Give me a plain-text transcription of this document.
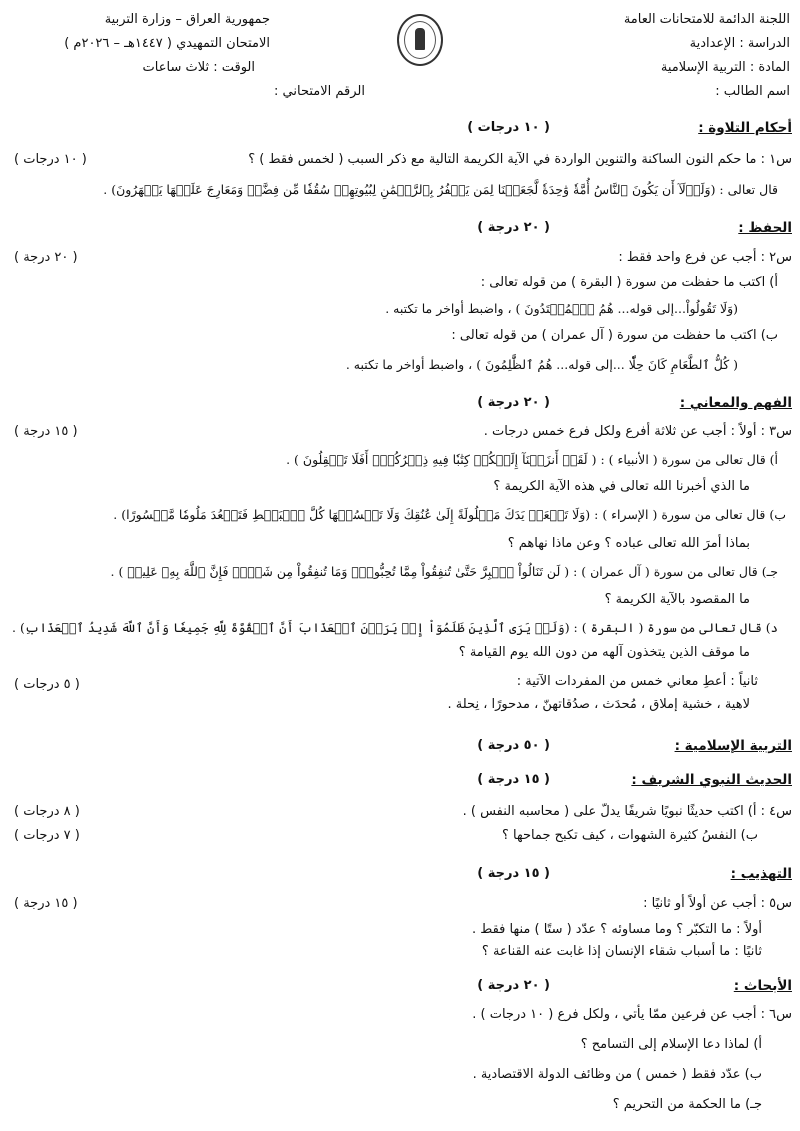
اللجنة الدائمة للامتحانات العامة
الدراسة : الإعدادية
المادة : التربية الإسلامية
اسم الطالب :
جمهورية العراق – وزارة التربية
الامتحان التمهيدي ( ١٤٤٧هـ – ٢٠٢٦م )
الوقت : ثلاث ساعات
الرقم الامتحاني :
أحكام التلاوة :
( ١٠ درجات )
س١ : ما حكم النون الساكنة والتنوين الواردة في الآية الكريمة التالية مع ذكر السبب ( لخمس فقط ) ؟
( ١٠ درجات )
قال تعالى : (وَلَوۡلَآ أَن يَكُونَ ٱلنَّاسُ أُمَّةٗ وَٰحِدَةٗ لَّجَعَلۡنَا لِمَن يَكۡفُرُ بِٱلرَّحۡمَٰنِ لِبُيُوتِهِمۡ سُقُفٗا مِّن فِضَّةٖ وَمَعَارِجَ عَلَيۡهَا يَظۡهَرُونَ) .
الحفظ :
( ٢٠ درجة )
س٢ : أجب عن فرع واحد فقط :
( ٢٠ درجة )
أ) اكتب ما حفظت من سورة ( البقرة ) من قوله تعالى :
(وَلَا تَقُولُواْ...إلى قوله... هُمُ ٱلۡمُهۡتَدُونَ ) ، واضبط أواخر ما تكتبه .
ب) اكتب ما حفظت من سورة ( آل عمران ) من قوله تعالى :
( كُلُّ ٱلطَّعَامِ كَانَ حِلّٗا ...إلى قوله... هُمُ ٱلظَّٰلِمُونَ ) ، واضبط أواخر ما تكتبه .
الفهم والمعاني :
( ٢٠ درجة )
س٣ : أولاً : أجب عن ثلاثة أفرع ولكل فرع خمس درجات .
( ١٥ درجة )
أ) قال تعالى من سورة ( الأنبياء ) : ( لَقَدۡ أَنزَلۡنَآ إِلَيۡكُمۡ كِتَٰبٗا فِيهِ ذِكۡرُكُمۡۚ أَفَلَا تَعۡقِلُونَ ) .
ما الذي أخبرنا الله تعالى في هذه الآية الكريمة ؟
ب) قال تعالى من سورة ( الإسراء ) : (وَلَا تَجۡعَلۡ يَدَكَ مَغۡلُولَةً إِلَىٰ عُنُقِكَ وَلَا تَبۡسُطۡهَا كُلَّ ٱلۡبَسۡطِ فَتَقۡعُدَ مَلُومٗا مَّحۡسُورًا) .
بماذا أمرَ الله تعالى عباده ؟ وعن ماذا نهاهم ؟
جـ) قال تعالى من سورة ( آل عمران ) : ( لَن تَنَالُواْ ٱلۡبِرَّ حَتَّىٰ تُنفِقُواْ مِمَّا تُحِبُّونَۚ وَمَا تُنفِقُواْ مِن شَيۡءٖ فَإِنَّ ٱللَّهَ بِهِۦ عَلِيمٞ ) .
ما المقصود بالآية الكريمة ؟
د) قال تعالى من سورة ( البقرة ) : (وَلَوۡ يَرَى ٱلَّذِينَ ظَلَمُوٓاْ إِذۡ يَرَوۡنَ ٱلۡعَذَابَ أَنَّ ٱلۡقُوَّةَ لِلَّهِ جَمِيعٗا وَأَنَّ ٱللَّهَ شَدِيدُ ٱلۡعَذَابِ) .
ما موقف الذين يتخذون آلهه من دون الله يوم القيامة ؟
ثانياً : أعطِ معاني خمس من المفردات الآتية :
( ٥ درجات )
لاهية ، خشية إملاق ، مُحدَث ، صدُقاتهنّ ، مدحورًا ، نِحلة .
التربية الإسلامية :
( ٥٠ درجة )
الحديث النبوي الشريف :
( ١٥ درجة )
س٤ : أ) اكتب حديثًا نبويًا شريفًا يدلّ على ( محاسبه النفس ) .
( ٨ درجات )
ب) النفسُ كثيرة الشهوات ، كيف تكبح جماحها ؟
( ٧ درجات )
التهذيب :
( ١٥ درجة )
س٥ : أجب عن أولاً أو ثانيًا :
( ١٥ درجة )
أولاً : ما التكبّر ؟ وما مساوئه ؟ عدّد ( ستًا ) منها فقط .
ثانيًا : ما أسباب شقاء الإنسان إذا غابت عنه القناعة ؟
الأبحاث :
( ٢٠ درجة )
س٦ : أجب عن فرعين ممّا يأتي ، ولكل فرع ( ١٠ درجات ) .
أ) لماذا دعا الإسلام إلى التسامح ؟
ب) عدّد فقط ( خمس ) من وظائف الدولة الاقتصادية .
جـ) ما الحكمة من التحريم ؟
